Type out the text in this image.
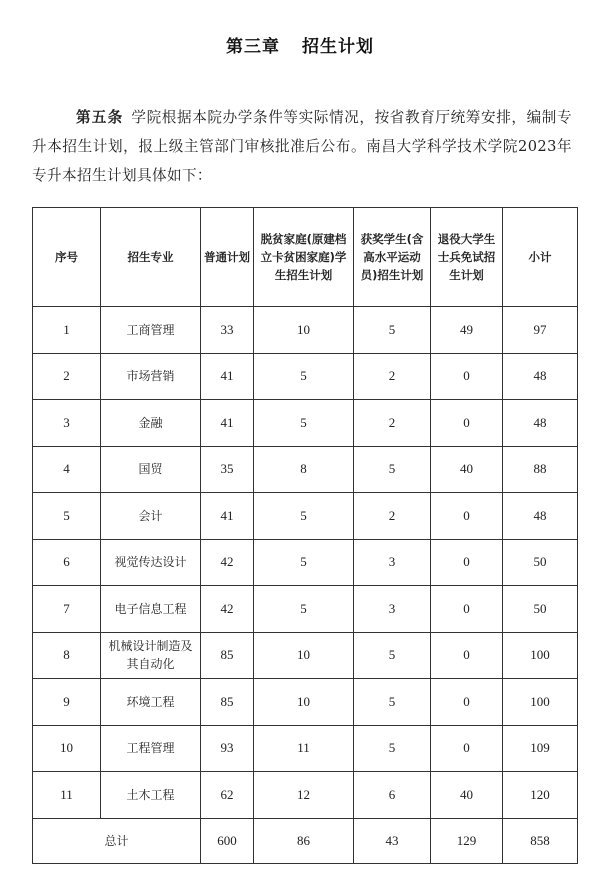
第三章 招生计划
第五条 学院根据本院办学条件等实际情况，按省教育厅统筹安排，编制专升本招生计划，报上级主管部门审核批准后公布。南昌大学科学技术学院2023年专升本招生计划具体如下：
序号	招生专业	普通计划	脱贫家庭(原建档立卡贫困家庭)学生招生计划	获奖学生(含高水平运动员)招生计划	退役大学生士兵免试招生计划	小计
1	工商管理	33	10	5	49	97
2	市场营销	41	5	2	0	48
3	金融	41	5	2	0	48
4	国贸	35	8	5	40	88
5	会计	41	5	2	0	48
6	视觉传达设计	42	5	3	0	50
7	电子信息工程	42	5	3	0	50
8	机械设计制造及其自动化	85	10	5	0	100
9	环境工程	85	10	5	0	100
10	工程管理	93	11	5	0	109
11	土木工程	62	12	6	40	120
总计		600	86	43	129	858
